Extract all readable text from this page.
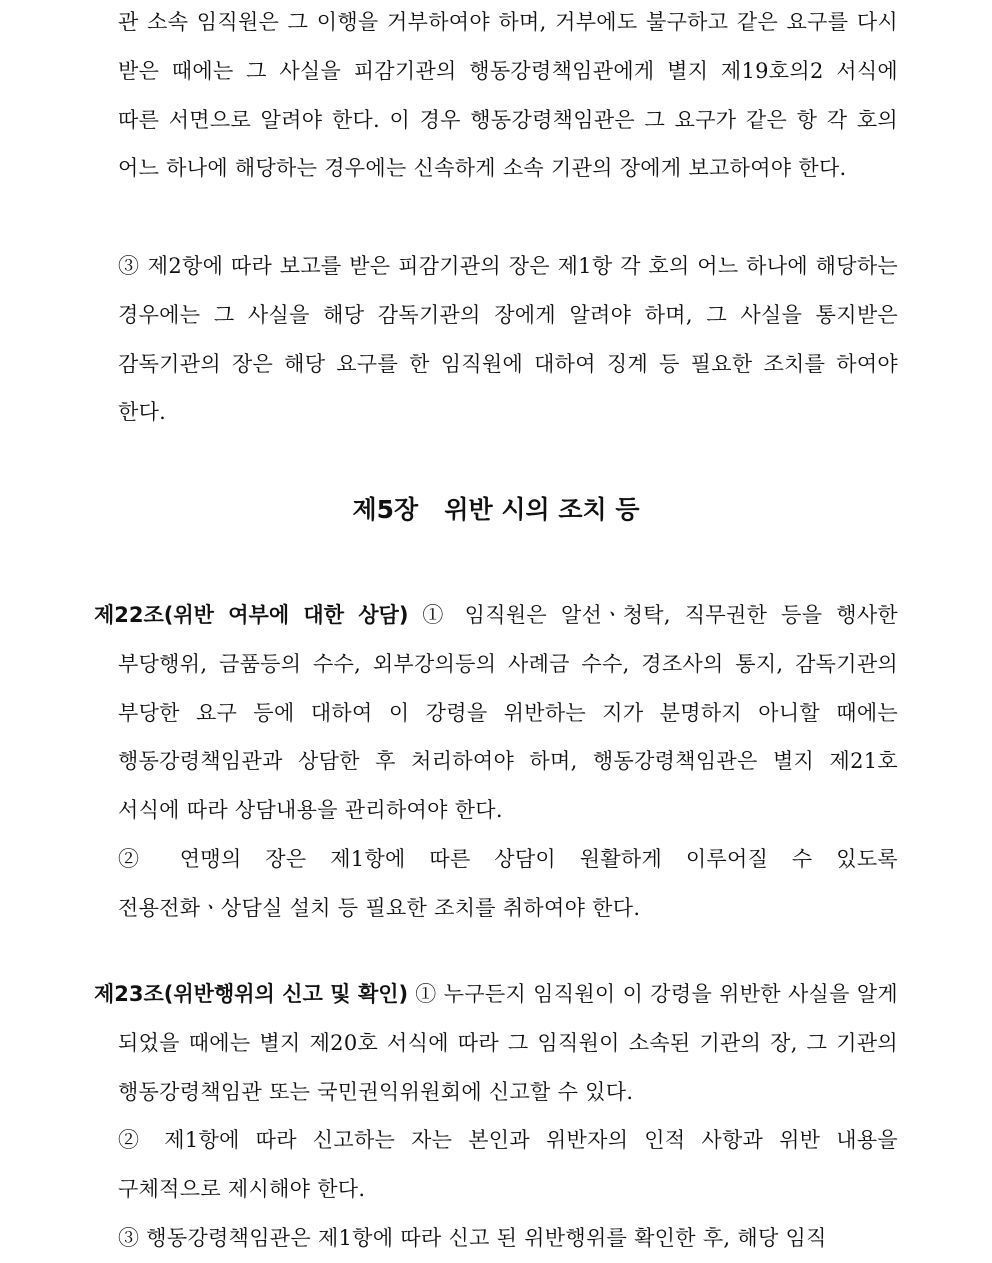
관 소속 임직원은 그 이행을 거부하여야 하며, 거부에도 불구하고 같은 요구를 다시 받은 때에는 그 사실을 피감기관의 행동강령책임관에게 별지 제19호의2 서식에 따른 서면으로 알려야 한다. 이 경우 행동강령책임관은 그 요구가 같은 항 각 호의 어느 하나에 해당하는 경우에는 신속하게 소속 기관의 장에게 보고하여야 한다.

③ 제2항에 따라 보고를 받은 피감기관의 장은 제1항 각 호의 어느 하나에 해당하는 경우에는 그 사실을 해당 감독기관의 장에게 알려야 하며, 그 사실을 통지받은 감독기관의 장은 해당 요구를 한 임직원에 대하여 징계 등 필요한 조치를 하여야 한다.

제5장 위반 시의 조치 등

제22조(위반 여부에 대한 상담) ① 임직원은 알선ㆍ청탁, 직무권한 등을 행사한 부당행위, 금품등의 수수, 외부강의등의 사례금 수수, 경조사의 통지, 감독기관의 부당한 요구 등에 대하여 이 강령을 위반하는 지가 분명하지 아니할 때에는 행동강령책임관과 상담한 후 처리하여야 하며, 행동강령책임관은 별지 제21호 서식에 따라 상담내용을 관리하여야 한다.

② 연맹의 장은 제1항에 따른 상담이 원활하게 이루어질 수 있도록 전용전화ㆍ상담실 설치 등 필요한 조치를 취하여야 한다.

제23조(위반행위의 신고 및 확인) ① 누구든지 임직원이 이 강령을 위반한 사실을 알게 되었을 때에는 별지 제20호 서식에 따라 그 임직원이 소속된 기관의 장, 그 기관의 행동강령책임관 또는 국민권익위원회에 신고할 수 있다.

② 제1항에 따라 신고하는 자는 본인과 위반자의 인적 사항과 위반 내용을 구체적으로 제시해야 한다.

③ 행동강령책임관은 제1항에 따라 신고 된 위반행위를 확인한 후, 해당 임직
